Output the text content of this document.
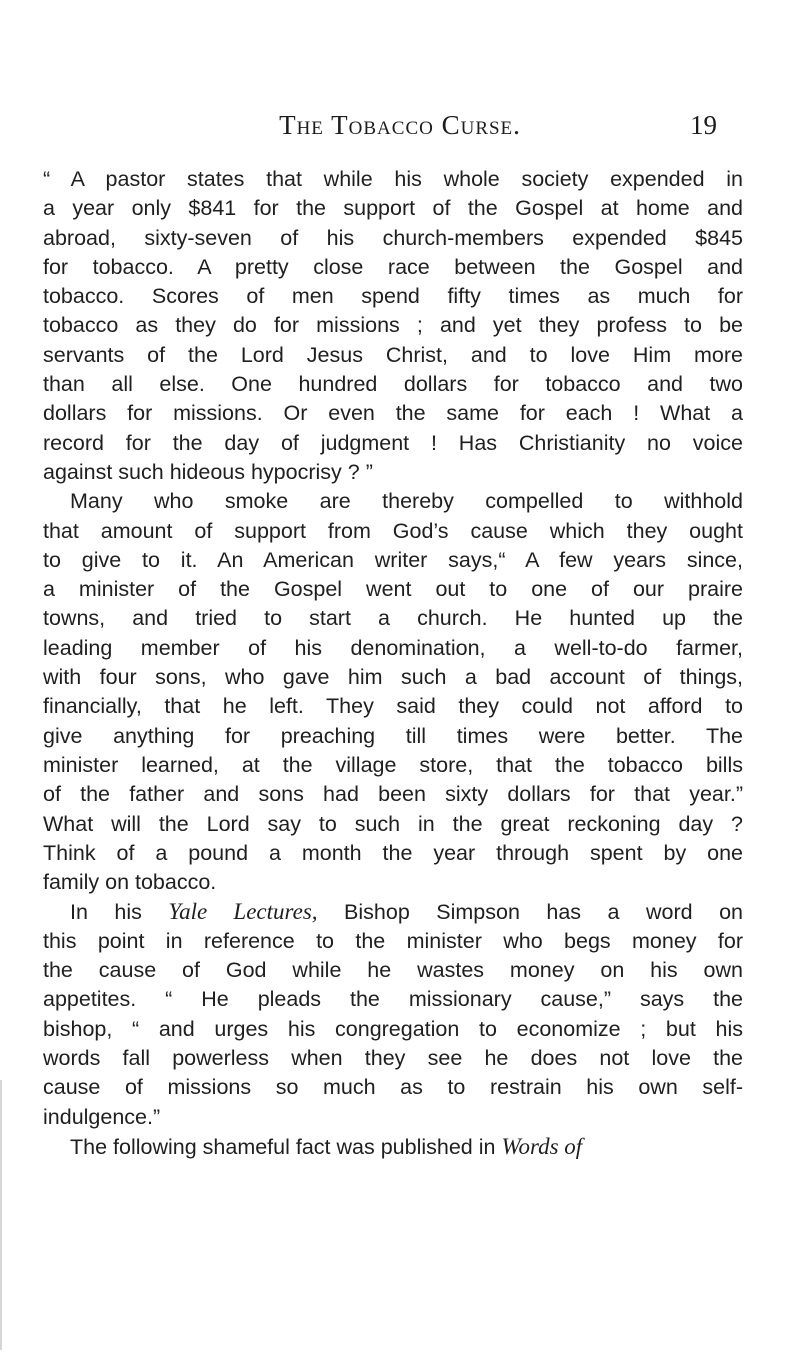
The Tobacco Curse.	19
“ A pastor states that while his whole society expended in
a year only $841 for the support of the Gospel at home and
abroad, sixty-seven of his church-members expended $845
for tobacco. A pretty close race between the Gospel and
tobacco. Scores of men spend fifty times as much for
tobacco as they do for missions ; and yet they profess to be
servants of the Lord Jesus Christ, and to love Him more
than all else. One hundred dollars for tobacco and two
dollars for missions. Or even the same for each ! What a
record for the day of judgment ! Has Christianity no voice
against such hideous hypocrisy ? ”
Many who smoke are thereby compelled to withhold
that amount of support from God’s cause which they ought
to give to it. An American writer says,“ A few years since,
a minister of the Gospel went out to one of our praire
towns, and tried to start a church. He hunted up the
leading member of his denomination, a well-to-do farmer,
with four sons, who gave him such a bad account of things,
financially, that he left. They said they could not afford to
give anything for preaching till times were better. The
minister learned, at the village store, that the tobacco bills
of the father and sons had been sixty dollars for that year.”
What will the Lord say to such in the great reckoning day ?
Think of a pound a month the year through spent by one
family on tobacco.
In his Yale Lectures, Bishop Simpson has a word on
this point in reference to the minister who begs money for
the cause of God while he wastes money on his own
appetites. “ He pleads the missionary cause,” says the
bishop, “ and urges his congregation to economize ; but his
words fall powerless when they see he does not love the
cause of missions so much as to restrain his own self-
indulgence.”
The following shameful fact was published in Words of
